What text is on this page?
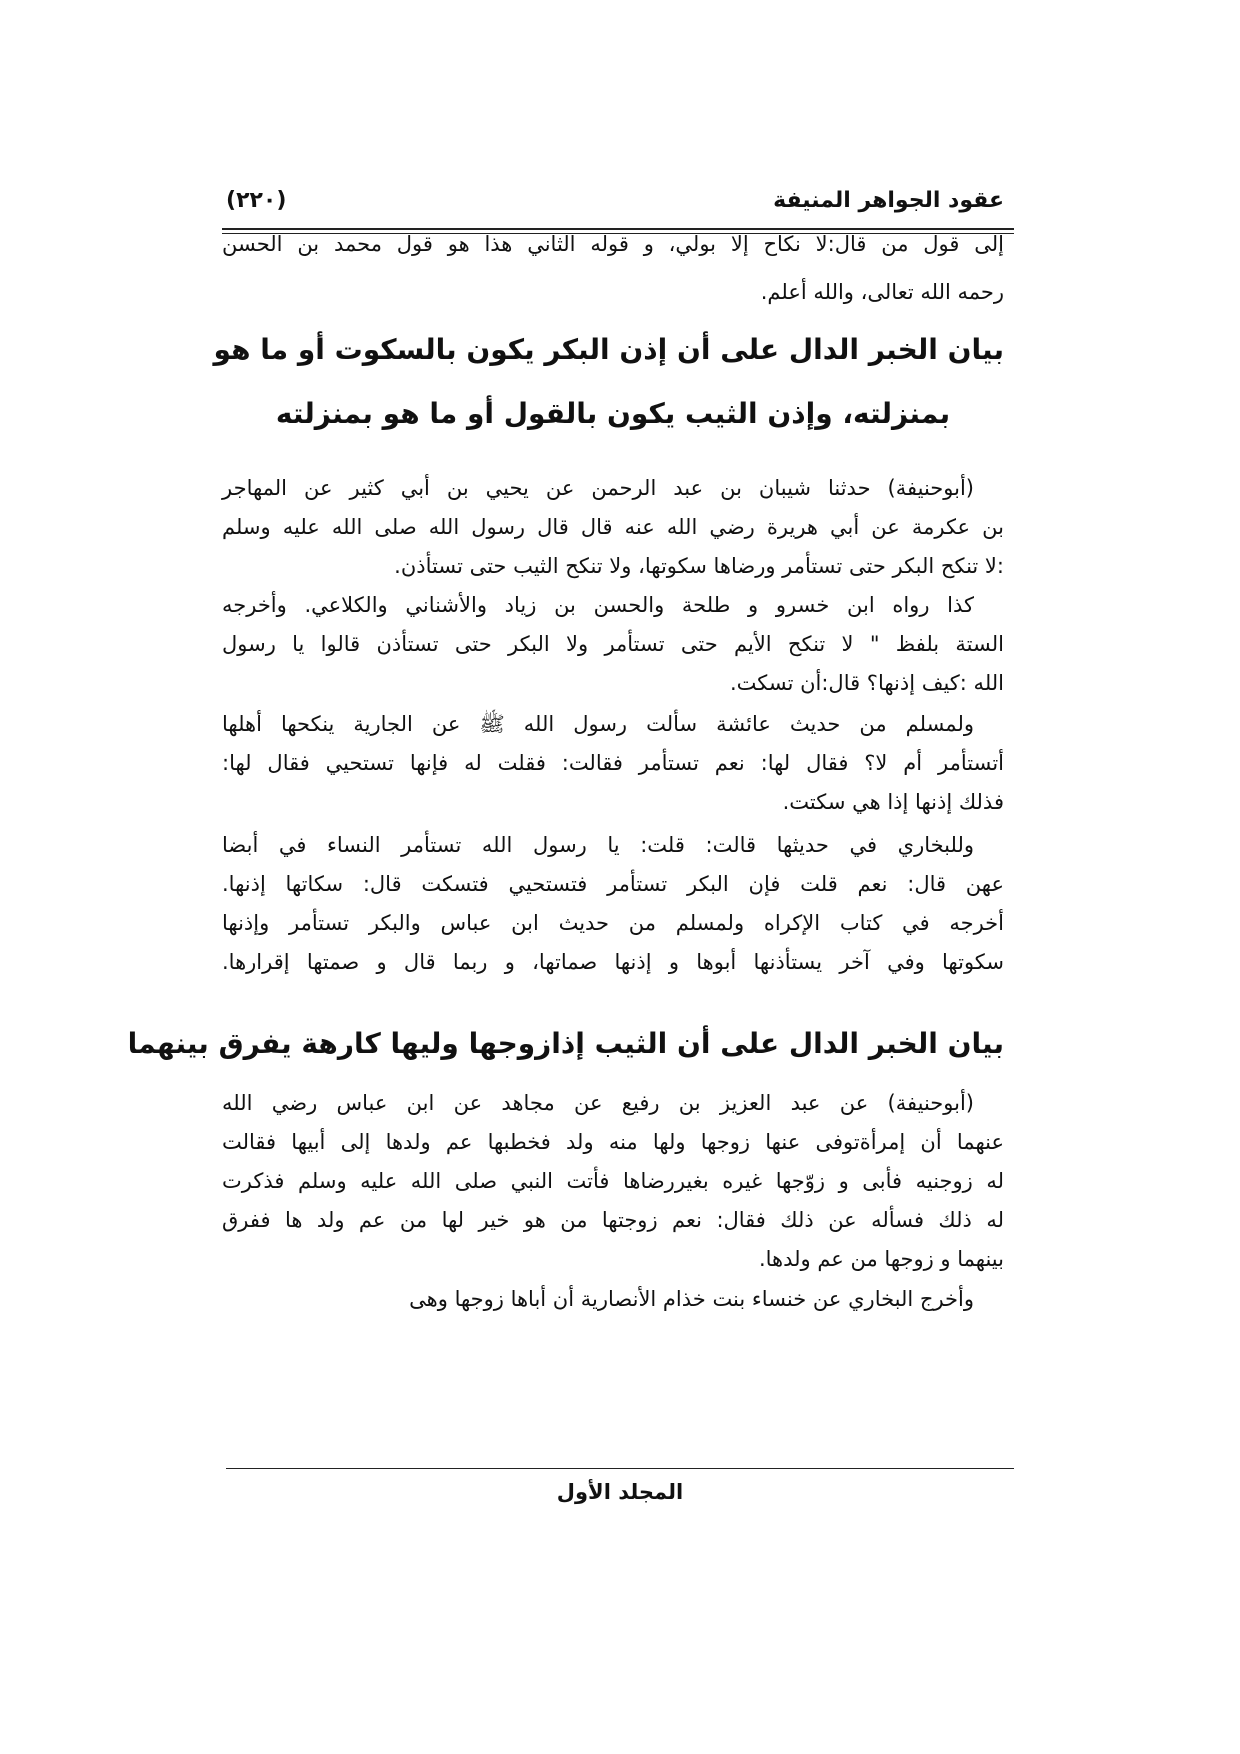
عقود الجواهر المنيفة
(٢٢٠)
إلى قول من قال:لا نكاح إلا بولي، و قوله الثاني هذا هو قول محمد بن الحسن
رحمه الله تعالى، والله أعلم.
بيان الخبر الدال على أن إذن البكر يكون بالسكوت أو ما هو
بمنزلته، وإذن الثيب يكون بالقول أو ما هو بمنزلته
(أبوحنيفة) حدثنا شيبان بن عبد الرحمن عن يحيي بن أبي كثير عن المهاجر
بن عكرمة عن أبي هريرة رضي الله عنه قال قال رسول الله صلى الله عليه وسلم
:لا تنكح البكر حتى تستأمر ورضاها سكوتها، ولا تنكح الثيب حتى تستأذن.
كذا رواه ابن خسرو و طلحة والحسن بن زياد والأشناني والكلاعي. وأخرجه
الستة بلفظ " لا تنكح الأيم حتى تستأمر ولا البكر حتى تستأذن قالوا يا رسول
الله :كيف إذنها؟ قال:أن تسكت.
ولمسلم من حديث عائشة سألت رسول الله ﷺ عن الجارية ينكحها أهلها
أتستأمر أم لا؟ فقال لها: نعم تستأمر فقالت: فقلت له فإنها تستحيي فقال لها:
فذلك إذنها إذا هي سكتت.
وللبخاري في حديثها قالت: قلت: يا رسول الله تستأمر النساء في أبضا
عهن قال: نعم قلت فإن البكر تستأمر فتستحيي فتسكت قال: سكاتها إذنها.
أخرجه في كتاب الإكراه ولمسلم من حديث ابن عباس والبكر تستأمر وإذنها
سكوتها وفي آخر يستأذنها أبوها و إذنها صماتها، و ربما قال و صمتها إقرارها.
بيان الخبر الدال على أن الثيب إذازوجها وليها كارهة يفرق بينهما
(أبوحنيفة) عن عبد العزيز بن رفيع عن مجاهد عن ابن عباس رضي الله
عنهما أن إمرأةتوفى عنها زوجها ولها منه ولد فخطبها عم ولدها إلى أبيها فقالت
له زوجنيه فأبى و زوّجها غيره بغيررضاها فأتت النبي صلى الله عليه وسلم فذكرت
له ذلك فسأله عن ذلك فقال: نعم زوجتها من هو خير لها من عم ولد ها ففرق
بينهما و زوجها من عم ولدها.
وأخرج البخاري عن خنساء بنت خذام الأنصارية أن أباها زوجها وهى
المجلد الأول
